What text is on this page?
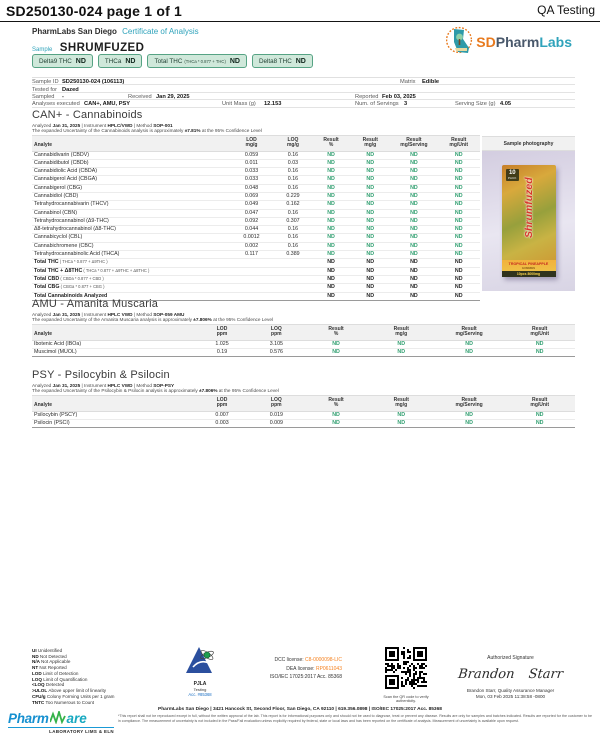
SD250130-024 page 1 of 1	QA Testing
PharmLabs San Diego Certificate of Analysis
Sample SHRUMFUZED
Delta9 THC ND	THCa ND	Total THC (THCa * 0.877 + THC) ND	Delta8 THC ND
SDPharmLabs
Sample ID SD250130-024 (106113)	Matrix Edible
Tested for Dazed
Sampled -	Received Jan 29, 2025	Reported Feb 03, 2025
Analyses executed CAN+, AMU, PSY	Unit Mass (g) 12.153	Num. of Servings 3	Serving Size (g) 4.05
CAN+ - Cannabinoids
Analyzed Jan 31, 2025 | Instrument HPLC/VWD | Method SOP-001
The expanded Uncertainty of the Cannabinoids analysis is approximately ±7.81% at the 95% Confidence Level
Analyte

LOD
mg/g

LOQ
mg/g

Result
%

Result
mg/g

Result
mg/Serving

Result
mg/Unit

Cannabidivarin (CBDV)	0.059	0.16	ND	ND	ND	ND
Cannabidibutol (CBDb)	0.011	0.03	ND	ND	ND	ND
Cannabidiolic Acid (CBDA)	0.033	0.16	ND	ND	ND	ND
Cannabigerol Acid (CBGA)	0.033	0.16	ND	ND	ND	ND
Cannabigerol (CBG)	0.048	0.16	ND	ND	ND	ND
Cannabidiol (CBD)	0.069	0.229	ND	ND	ND	ND
Tetrahydrocannabivarin (THCV)	0.049	0.162	ND	ND	ND	ND
Cannabinol (CBN)	0.047	0.16	ND	ND	ND	ND
Tetrahydrocannabinol (Δ9-THC)	0.092	0.307	ND	ND	ND	ND
Δ8-tetrahydrocannabinol (Δ8-THC)	0.044	0.16	ND	ND	ND	ND
Cannabicyclol (CBL)	0.0012	0.16	ND	ND	ND	ND
Cannabichromene (CBC)	0.002	0.16	ND	ND	ND	ND
Tetrahydrocannabinolic Acid (THCA)	0.117	0.389	ND	ND	ND	ND
Total THC ( THCa * 0.877 + Δ9THC )			ND	ND	ND	ND
Total THC + Δ8THC ( THCa * 0.877 + Δ9THC + Δ8THC )			ND	ND	ND	ND
Total CBD ( CBDa * 0.877 + CBD )			ND	ND	ND	ND
Total CBG ( CBGa * 0.877 + CBG )			ND	ND	ND	ND
Total Cannabinoids Analyzed			ND	ND	ND	ND
Sample photography
10
PACK Shrumfuzed
TROPICAL PINEAPPLE
GUMMIES
10pcs 8000mg
AMU - Amanita Muscaria
Analyzed Jan 31, 2025 | Instrument HPLC VWD | Method SOP-059 AMU
The expanded Uncertainty of the Amanita Muscaria analysis is approximately ±7.806% at the 95% Confidence Level
Analyte

LOD
ppm

LOQ
ppm

Result
%

Result
mg/g

Result
mg/Serving

Result
mg/Unit

Ibotenic Acid (IBOa)	1.025	3.105	ND	ND	ND	ND
Muscimol (MUOL)	0.19	0.576	ND	ND	ND	ND
PSY - Psilocybin & Psilocin
Analyzed Jan 31, 2025 | Instrument HPLC VWD | Method SOP-PSY
The expanded Uncertainty of the Psilocybin & Psilocin analysis is approximately ±7.806% at the 95% Confidence Level
Analyte

LOD
ppm

LOQ
ppm

Result
%

Result
mg/g

Result
mg/Serving

Result
mg/Unit

Psilocybin (PSCY)	0.007	0.019	ND	ND	ND	ND
Psilocin (PSCI)	0.003	0.009	ND	ND	ND	ND
UI Unidentified
ND Not Detected
N/A Not Applicable
NT Not Reported
LOD Limit of Detection
LOQ Limit of Quantification
<LOQ Detected
>ULOL Above upper limit of linearity
CFU/g Colony Forming Units per 1 gram
TNTC Too Numerous to Count
PJLA
Testing
Acc. #85368
DCC license: C8-0000098-LIC
DEA license: RP0611043
ISO/IEC 17025:2017 Acc. 85368
Scan the QR code to verify authenticity.
Authorized Signature
Brandon Starr
Brandon Starr, Quality Assurance Manager
Mon, 03 Feb 2025 11:38:58 -0800
PharmLabs San Diego | 3421 Hancock St, Second Floor, San Diego, CA 92110 | 619.356.0898 | ISO/IEC 17025:2017 Acc. 85368
*This report shall not be reproduced except in full, without the written approval of the lab. This report is for informational purposes only and should not be used to diagnose, treat or prevent any disease. Results are only for samples and batches indicated. Results are reported for the customer to be in compliance. The measurement of uncertainty is not included in the Pass/Fail evaluation unless explicitly required by federal, state or local laws and has been reported on the certificate of analysis. Measurement of uncertainty is available upon request.
Pharm are
LABORATORY LIMS & ELN
